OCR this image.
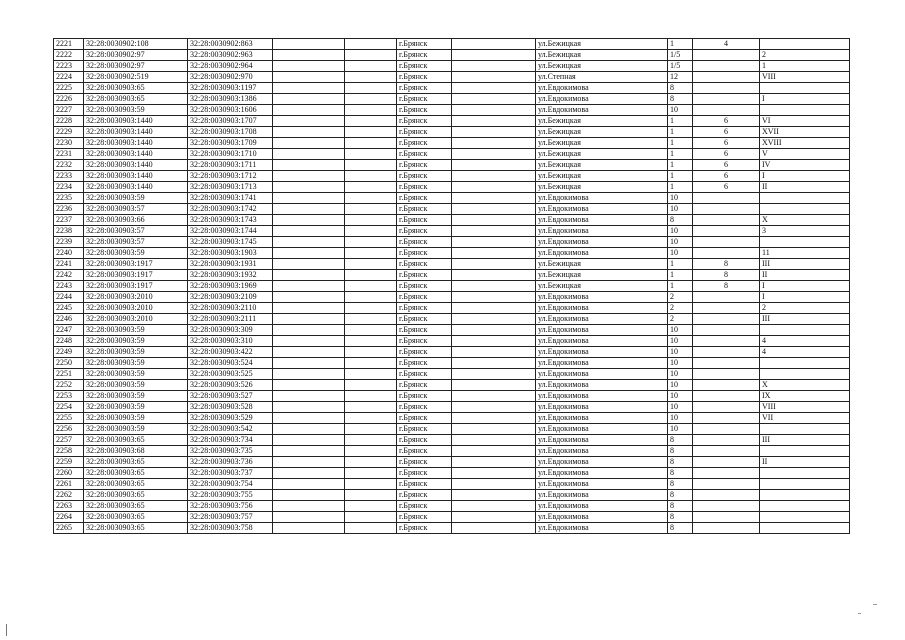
2221	32:28:0030902:108	32:28:0030902:863			г.Брянск		ул.Бежицкая	1	4	
2222	32:28:0030902:97	32:28:0030902:963			г.Брянск		ул.Бежицкая	1/5		2
2223	32:28:0030902:97	32:28:0030902:964			г.Брянск		ул.Бежицкая	1/5		1
2224	32:28:0030902:519	32:28:0030902:970			г.Брянск		ул.Степная	12		VIII
2225	32:28:0030903:65	32:28:0030903:1197			г.Брянск		ул.Евдокимова	8		
2226	32:28:0030903:65	32:28:0030903:1386			г.Брянск		ул.Евдокимова	8		I
2227	32:28:0030903:59	32:28:0030903:1606			г.Брянск		ул.Евдокимова	10		
2228	32:28:0030903:1440	32:28:0030903:1707			г.Брянск		ул.Бежицкая	1	6	VI
2229	32:28:0030903:1440	32:28:0030903:1708			г.Брянск		ул.Бежицкая	1	6	XVII
2230	32:28:0030903:1440	32:28:0030903:1709			г.Брянск		ул.Бежицкая	1	6	XVIII
2231	32:28:0030903:1440	32:28:0030903:1710			г.Брянск		ул.Бежицкая	1	6	V
2232	32:28:0030903:1440	32:28:0030903:1711			г.Брянск		ул.Бежицкая	1	6	IV
2233	32:28:0030903:1440	32:28:0030903:1712			г.Брянск		ул.Бежицкая	1	6	I
2234	32:28:0030903:1440	32:28:0030903:1713			г.Брянск		ул.Бежицкая	1	6	II
2235	32:28:0030903:59	32:28:0030903:1741			г.Брянск		ул.Евдокимова	10		
2236	32:28:0030903:57	32:28:0030903:1742			г.Брянск		ул.Евдокимова	10		
2237	32:28:0030903:66	32:28:0030903:1743			г.Брянск		ул.Евдокимова	8		X
2238	32:28:0030903:57	32:28:0030903:1744			г.Брянск		ул.Евдокимова	10		3
2239	32:28:0030903:57	32:28:0030903:1745			г.Брянск		ул.Евдокимова	10		
2240	32:28:0030903:59	32:28:0030903:1903			г.Брянск		ул.Евдокимова	10		11
2241	32:28:0030903:1917	32:28:0030903:1931			г.Брянск		ул.Бежицкая	1	8	III
2242	32:28:0030903:1917	32:28:0030903:1932			г.Брянск		ул.Бежицкая	1	8	II
2243	32:28:0030903:1917	32:28:0030903:1969			г.Брянск		ул.Бежицкая	1	8	I
2244	32:28:0030903:2010	32:28:0030903:2109			г.Брянск		ул.Евдокимова	2		I
2245	32:28:0030903:2010	32:28:0030903:2110			г.Брянск		ул.Евдокимова	2		2
2246	32:28:0030903:2010	32:28:0030903:2111			г.Брянск		ул.Евдокимова	2		III
2247	32:28:0030903:59	32:28:0030903:309			г.Брянск		ул.Евдокимова	10		
2248	32:28:0030903:59	32:28:0030903:310			г.Брянск		ул.Евдокимова	10		4
2249	32:28:0030903:59	32:28:0030903:422			г.Брянск		ул.Евдокимова	10		4
2250	32:28:0030903:59	32:28:0030903:524			г.Брянск		ул.Евдокимова	10		
2251	32:28:0030903:59	32:28:0030903:525			г.Брянск		ул.Евдокимова	10		
2252	32:28:0030903:59	32:28:0030903:526			г.Брянск		ул.Евдокимова	10		X
2253	32:28:0030903:59	32:28:0030903:527			г.Брянск		ул.Евдокимова	10		IX
2254	32:28:0030903:59	32:28:0030903:528			г.Брянск		ул.Евдокимова	10		VIII
2255	32:28:0030903:59	32:28:0030903:529			г.Брянск		ул.Евдокимова	10		VII
2256	32:28:0030903:59	32:28:0030903:542			г.Брянск		ул.Евдокимова	10		
2257	32:28:0030903:65	32:28:0030903:734			г.Брянск		ул.Евдокимова	8		III
2258	32:28:0030903:68	32:28:0030903:735			г.Брянск		ул.Евдокимова	8		
2259	32:28:0030903:65	32:28:0030903:736			г.Брянск		ул.Евдокимова	8		II
2260	32:28:0030903:65	32:28:0030903:737			г.Брянск		ул.Евдокимова	8		
2261	32:28:0030903:65	32:28:0030903:754			г.Брянск		ул.Евдокимова	8		
2262	32:28:0030903:65	32:28:0030903:755			г.Брянск		ул.Евдокимова	8		
2263	32:28:0030903:65	32:28:0030903:756			г.Брянск		ул.Евдокимова	8		
2264	32:28:0030903:65	32:28:0030903:757			г.Брянск		ул.Евдокимова	8		
2265	32:28:0030903:65	32:28:0030903:758			г.Брянск		ул.Евдокимова	8		
